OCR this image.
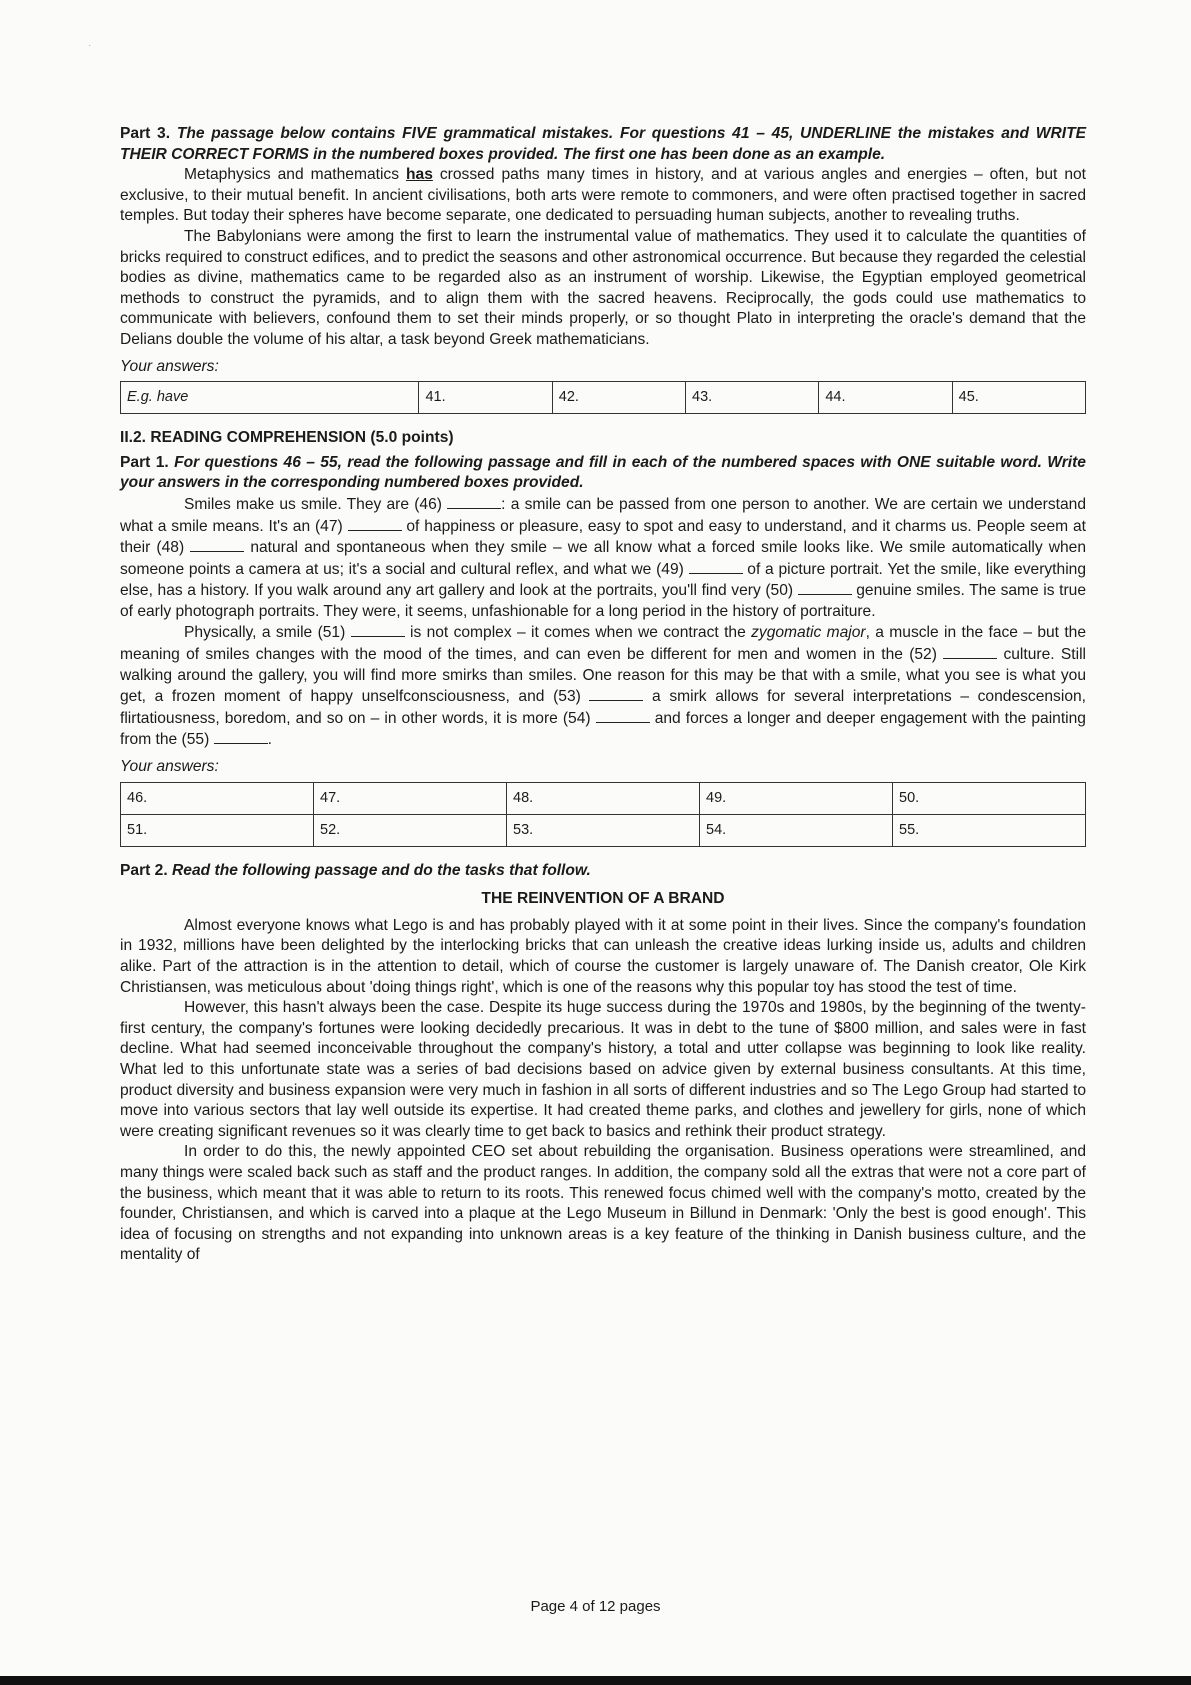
·

Part 3. The passage below contains FIVE grammatical mistakes. For questions 41 – 45, UNDERLINE the mistakes and WRITE THEIR CORRECT FORMS in the numbered boxes provided. The first one has been done as an example.

Metaphysics and mathematics has crossed paths many times in history, and at various angles and energies – often, but not exclusive, to their mutual benefit. In ancient civilisations, both arts were remote to commoners, and were often practised together in sacred temples. But today their spheres have become separate, one dedicated to persuading human subjects, another to revealing truths.

The Babylonians were among the first to learn the instrumental value of mathematics. They used it to calculate the quantities of bricks required to construct edifices, and to predict the seasons and other astronomical occurrence. But because they regarded the celestial bodies as divine, mathematics came to be regarded also as an instrument of worship. Likewise, the Egyptian employed geometrical methods to construct the pyramids, and to align them with the sacred heavens. Reciprocally, the gods could use mathematics to communicate with believers, confound them to set their minds properly, or so thought Plato in interpreting the oracle's demand that the Delians double the volume of his altar, a task beyond Greek mathematicians.

Your answers:
E.g. have	41.	42.	43.	44.	45.
II.2. READING COMPREHENSION (5.0 points)

Part 1. For questions 46 – 55, read the following passage and fill in each of the numbered spaces with ONE suitable word. Write your answers in the corresponding numbered boxes provided.

Smiles make us smile. They are (46)	: a smile can be passed from one person to another. We are certain we understand what a smile means. It's an (47)	of happiness or pleasure, easy to spot and easy to understand, and it charms us. People seem at their (48)	natural and spontaneous when they smile – we all know what a forced smile looks like. We smile automatically when someone points a camera at us; it's a social and cultural reflex, and what we (49)	of a picture portrait. Yet the smile, like everything else, has a history. If you walk around any art gallery and look at the portraits, you'll find very (50)	genuine smiles. The same is true of early photograph portraits. They were, it seems, unfashionable for a long period in the history of portraiture.

Physically, a smile (51)	is not complex – it comes when we contract the zygomatic major, a muscle in the face – but the meaning of smiles changes with the mood of the times, and can even be different for men and women in the (52)	culture. Still walking around the gallery, you will find more smirks than smiles. One reason for this may be that with a smile, what you see is what you get, a frozen moment of happy unselfconsciousness, and (53)	a smirk allows for several interpretations – condescension, flirtatiousness, boredom, and so on – in other words, it is more (54)	and forces a longer and deeper engagement with the painting from the (55)	.

Your answers:
46.	47.	48.	49.	50.
51.	52.	53.	54.	55.

Part 2. Read the following passage and do the tasks that follow.

THE REINVENTION OF A BRAND

Almost everyone knows what Lego is and has probably played with it at some point in their lives. Since the company's foundation in 1932, millions have been delighted by the interlocking bricks that can unleash the creative ideas lurking inside us, adults and children alike. Part of the attraction is in the attention to detail, which of course the customer is largely unaware of. The Danish creator, Ole Kirk Christiansen, was meticulous about 'doing things right', which is one of the reasons why this popular toy has stood the test of time.

However, this hasn't always been the case. Despite its huge success during the 1970s and 1980s, by the beginning of the twenty-first century, the company's fortunes were looking decidedly precarious. It was in debt to the tune of $800 million, and sales were in fast decline. What had seemed inconceivable throughout the company's history, a total and utter collapse was beginning to look like reality. What led to this unfortunate state was a series of bad decisions based on advice given by external business consultants. At this time, product diversity and business expansion were very much in fashion in all sorts of different industries and so The Lego Group had started to move into various sectors that lay well outside its expertise. It had created theme parks, and clothes and jewellery for girls, none of which were creating significant revenues so it was clearly time to get back to basics and rethink their product strategy.

In order to do this, the newly appointed CEO set about rebuilding the organisation. Business operations were streamlined, and many things were scaled back such as staff and the product ranges. In addition, the company sold all the extras that were not a core part of the business, which meant that it was able to return to its roots. This renewed focus chimed well with the company's motto, created by the founder, Christiansen, and which is carved into a plaque at the Lego Museum in Billund in Denmark: 'Only the best is good enough'. This idea of focusing on strengths and not expanding into unknown areas is a key feature of the thinking in Danish business culture, and the mentality of

Page 4 of 12 pages
